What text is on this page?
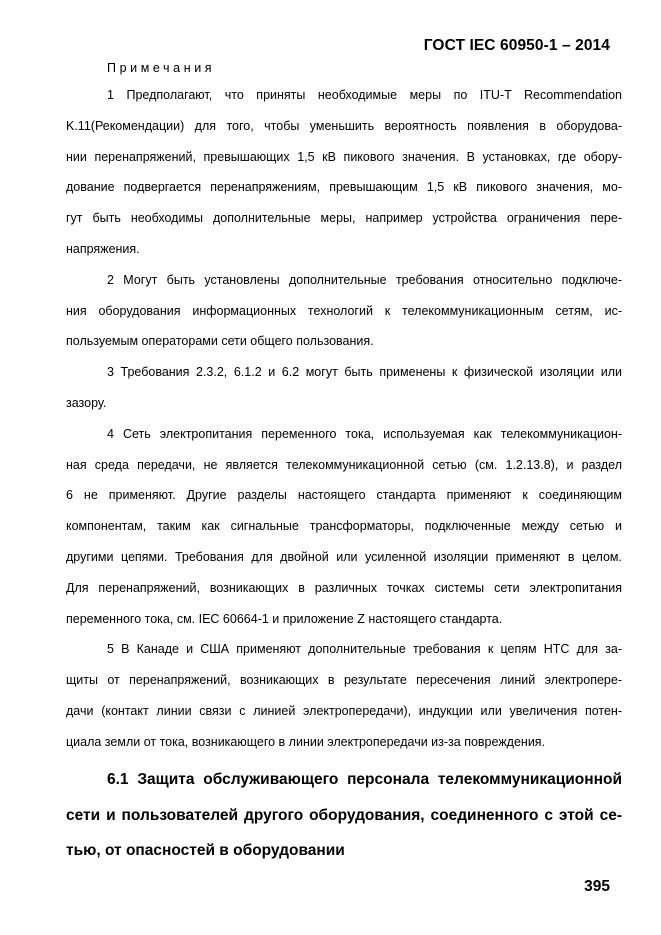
ГОСТ IEC 60950-1 – 2014
Примечания
1 Предполагают, что приняты необходимые меры по ITU-T Recommendation
K.11(Рекомендации) для того, чтобы уменьшить вероятность появления в оборудова-
нии перенапряжений, превышающих 1,5 кВ пикового значения. В установках, где обору-
дование подвергается перенапряжениям, превышающим 1,5 кВ пикового значения, мо-
гут быть необходимы дополнительные меры, например устройства ограничения пере-
напряжения.
2 Могут быть установлены дополнительные требования относительно подключе-
ния оборудования информационных технологий к телекоммуникационным сетям, ис-
пользуемым операторами сети общего пользования.
3 Требования 2.3.2, 6.1.2 и 6.2 могут быть применены к физической изоляции или
зазору.
4 Сеть электропитания переменного тока, используемая как телекоммуникацион-
ная среда передачи, не является телекоммуникационной сетью (см. 1.2.13.8), и раздел
6 не применяют. Другие разделы настоящего стандарта применяют к соединяющим
компонентам, таким как сигнальные трансформаторы, подключенные между сетью и
другими цепями. Требования для двойной или усиленной изоляции применяют в целом.
Для перенапряжений, возникающих в различных точках системы сети электропитания
переменного тока, см. IEC 60664-1 и приложение Z настоящего стандарта.
5 В Канаде и США применяют дополнительные требования к цепям НТС для за-
щиты от перенапряжений, возникающих в результате пересечения линий электропере-
дачи (контакт линии связи с линией электропередачи), индукции или увеличения потен-
циала земли от тока, возникающего в линии электропередачи из-за повреждения.
6.1 Защита обслуживающего персонала телекоммуникационной
сети и пользователей другого оборудования, соединенного с этой се-
тью, от опасностей в оборудовании
395
